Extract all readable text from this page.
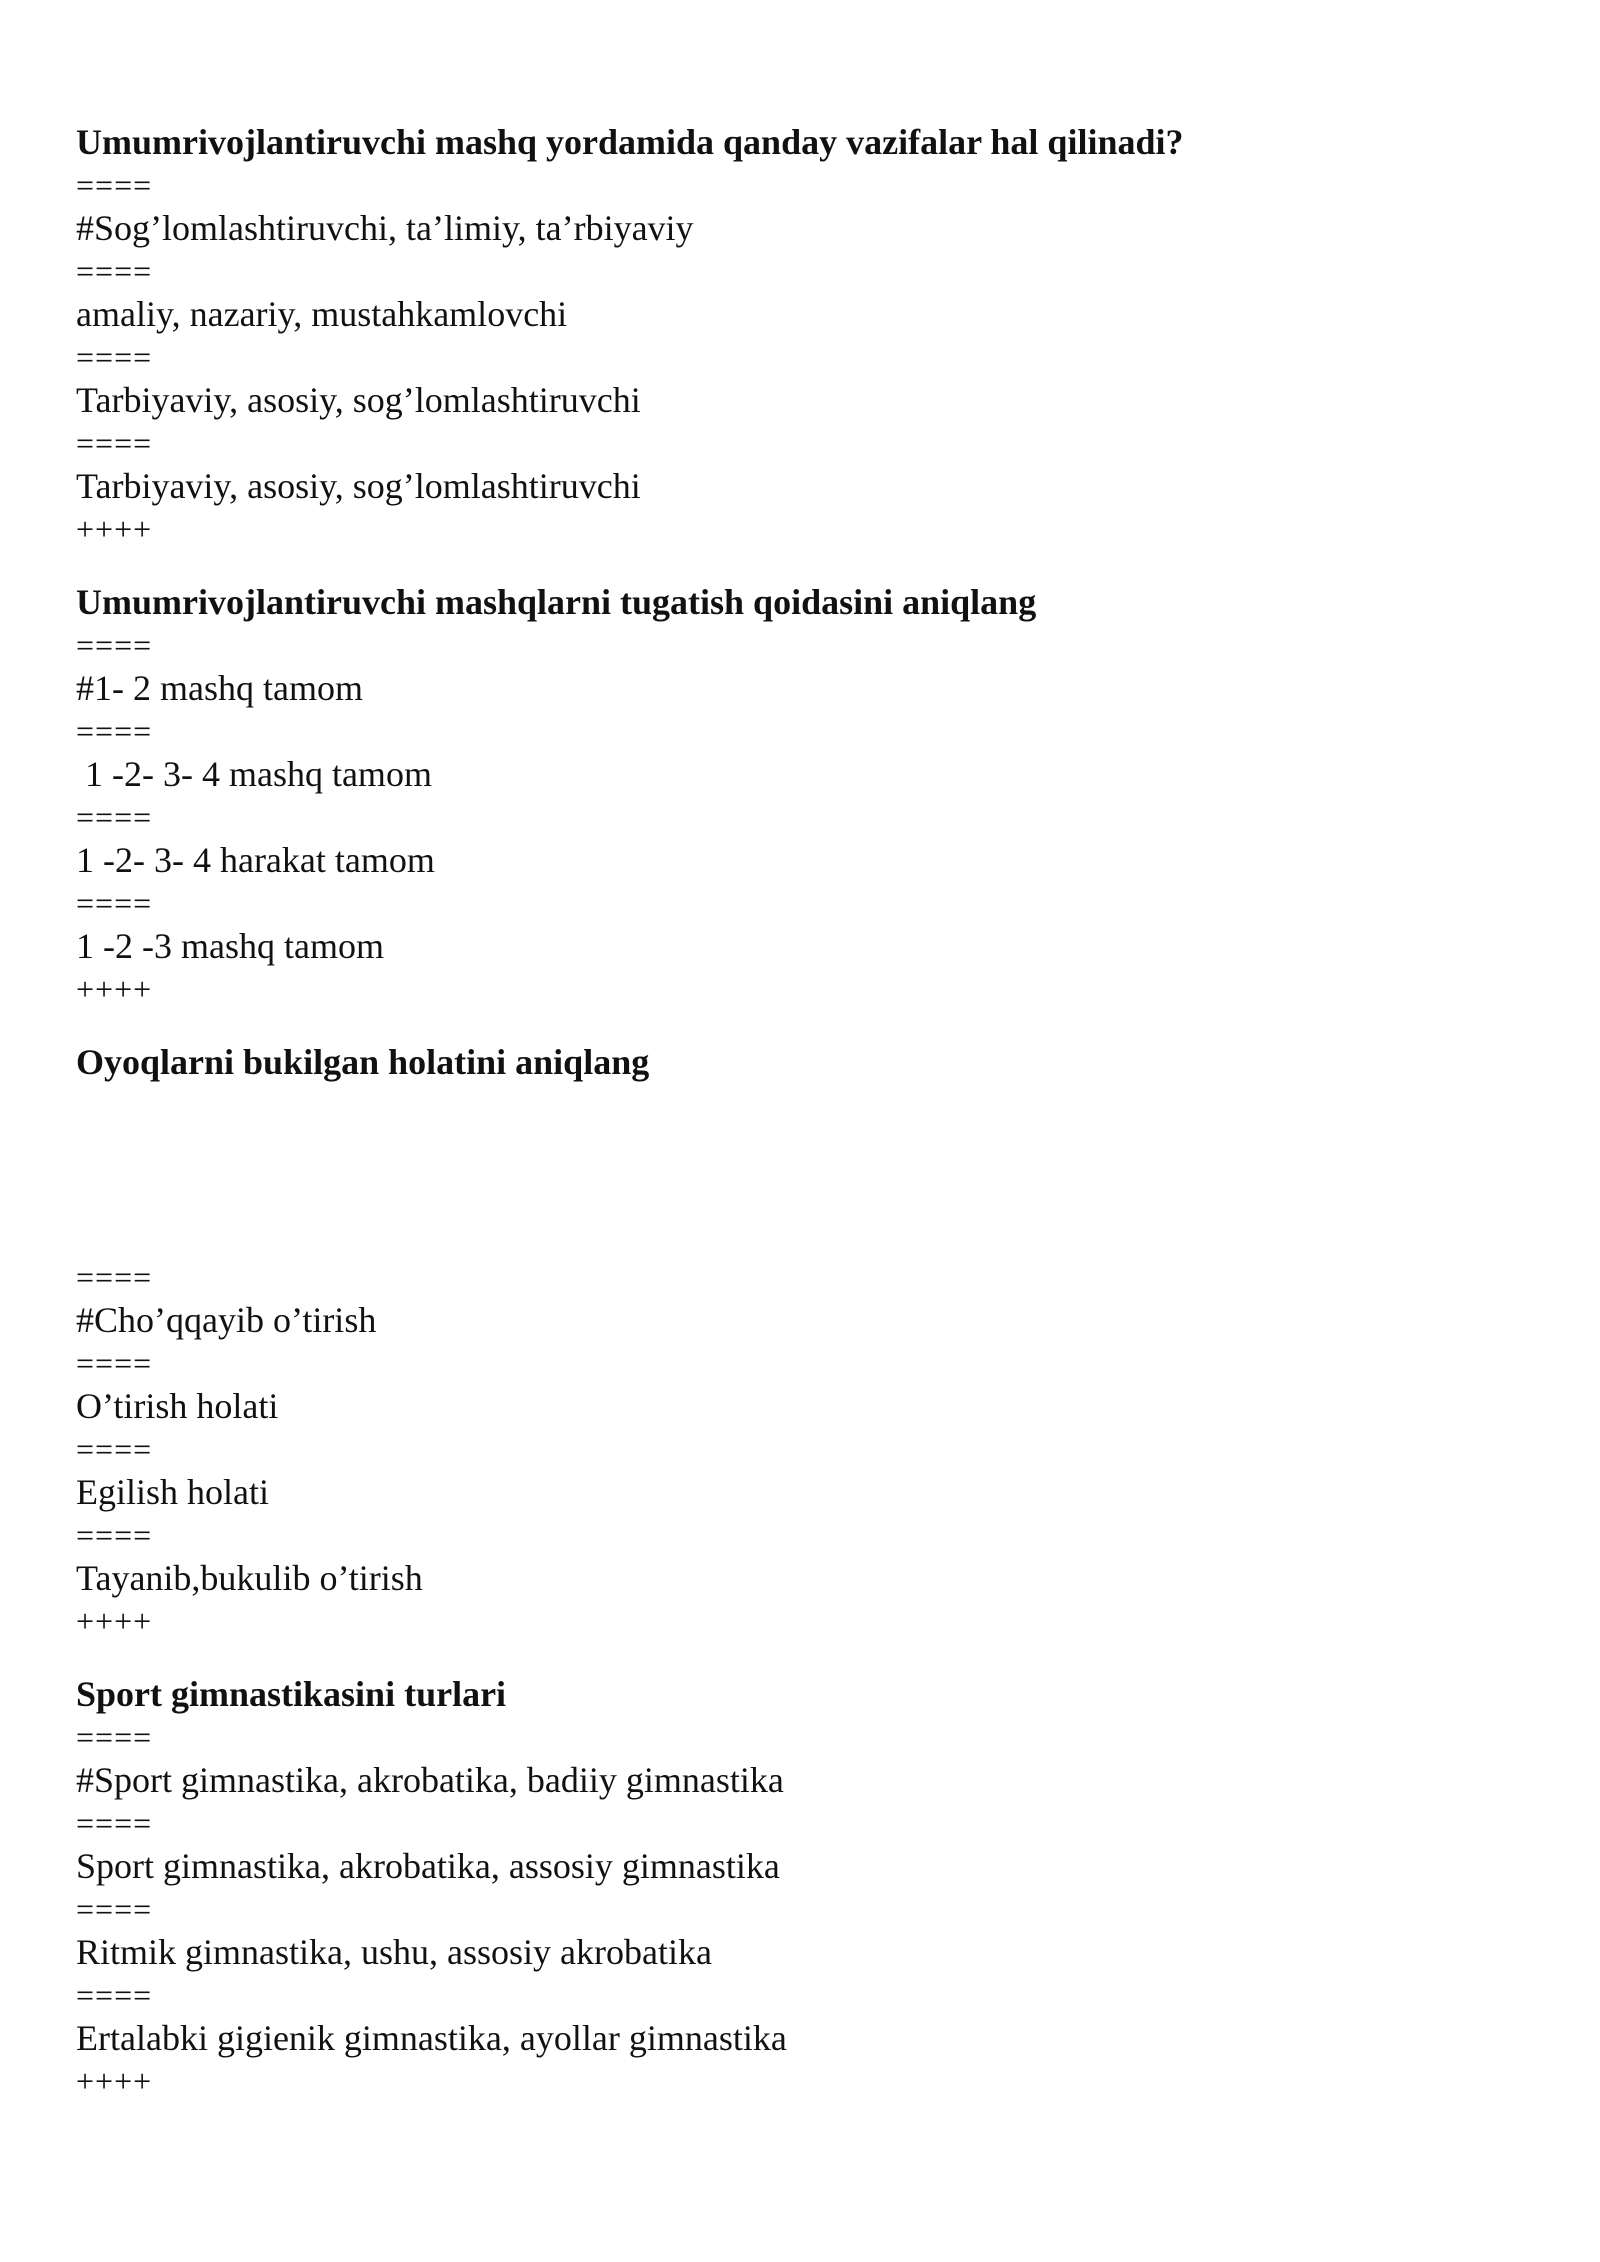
Umumrivojlantiruvchi mashq yordamida qanday vazifalar hal qilinadi?

====
#Sog’lomlashtiruvchi, ta’limiy, ta’rbiyaviy
====
amaliy, nazariy, mustahkamlovchi
====
Tarbiyaviy, asosiy, sog’lomlashtiruvchi
====
Tarbiyaviy, asosiy, sog’lomlashtiruvchi
++++

Umumrivojlantiruvchi mashqlarni tugatish qoidasini aniqlang

====
#1- 2 mashq tamom
====
1 -2- 3- 4 mashq tamom
====
1 -2- 3- 4 harakat tamom
====
1 -2 -3 mashq tamom
++++

Oyoqlarni bukilgan holatini aniqlang

====
#Cho’qqayib o’tirish
====
O’tirish holati
====
Egilish holati
====
Tayanib,bukulib o’tirish
++++

Sport gimnastikasini turlari

====
#Sport gimnastika, akrobatika, badiiy gimnastika
====
Sport gimnastika, akrobatika, assosiy gimnastika
====
Ritmik gimnastika, ushu, assosiy akrobatika
====
Ertalabki gigienik gimnastika, ayollar gimnastika
++++
